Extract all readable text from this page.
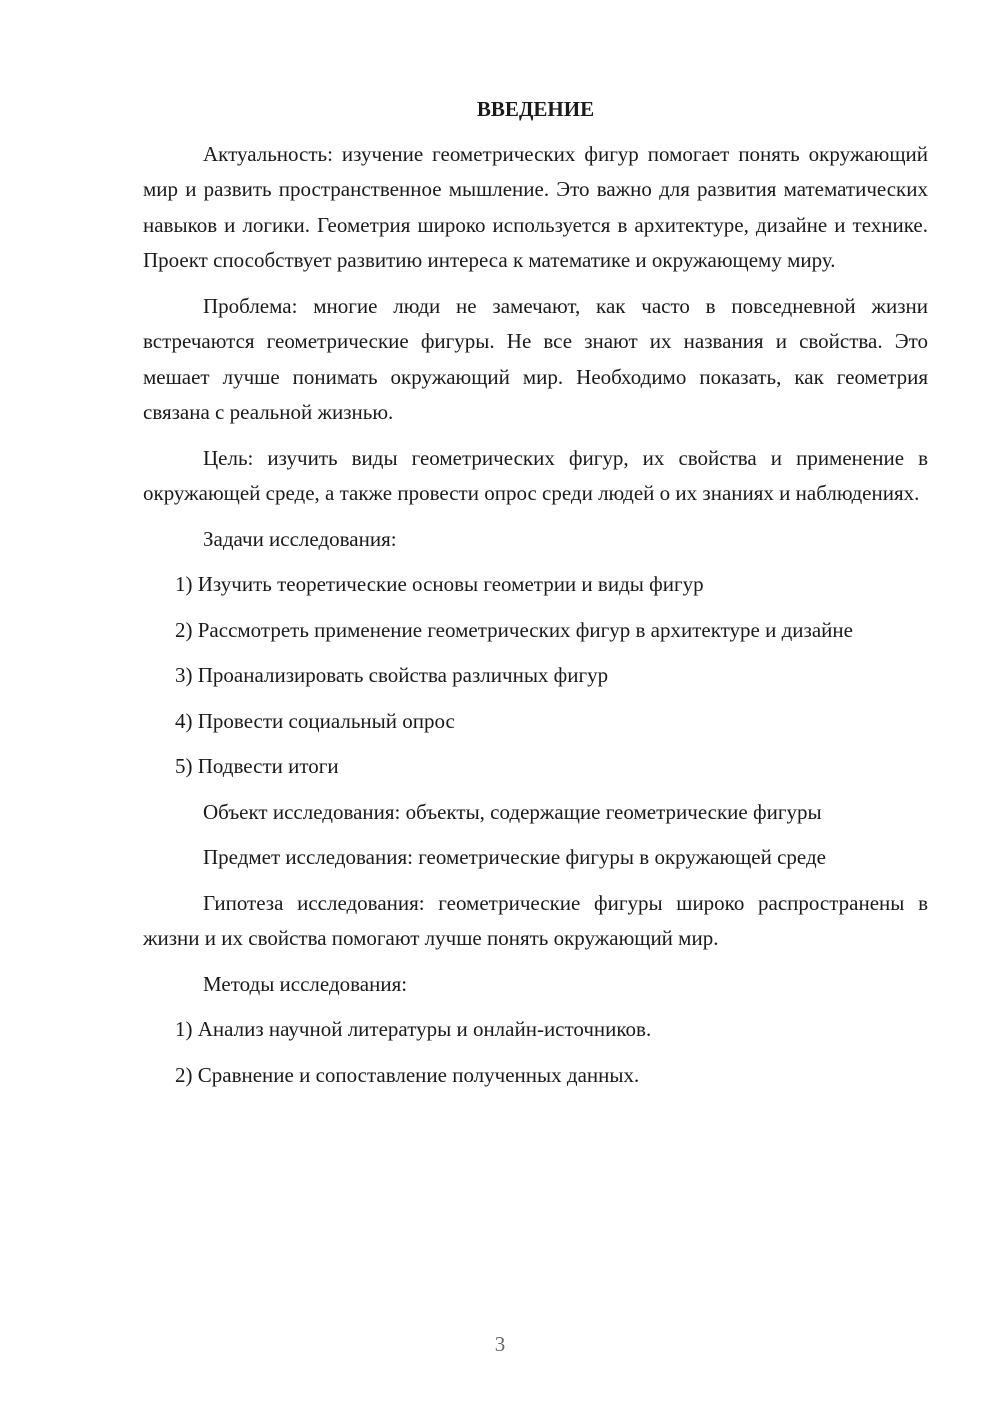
ВВЕДЕНИЕ

Актуальность: изучение геометрических фигур помогает понять окружающий мир и развить пространственное мышление. Это важно для развития математических навыков и логики. Геометрия широко используется в архитектуре, дизайне и технике. Проект способствует развитию интереса к математике и окружающему миру.

Проблема: многие люди не замечают, как часто в повседневной жизни встречаются геометрические фигуры. Не все знают их названия и свойства. Это мешает лучше понимать окружающий мир. Необходимо показать, как геометрия связана с реальной жизнью.

Цель: изучить виды геометрических фигур, их свойства и применение в окружающей среде, а также провести опрос среди людей о их знаниях и наблюдениях.

Задачи исследования:

1) Изучить теоретические основы геометрии и виды фигур

2) Рассмотреть применение геометрических фигур в архитектуре и дизайне

3) Проанализировать свойства различных фигур

4) Провести социальный опрос

5) Подвести итоги

Объект исследования: объекты, содержащие геометрические фигуры

Предмет исследования: геометрические фигуры в окружающей среде

Гипотеза исследования: геометрические фигуры широко распространены в жизни и их свойства помогают лучше понять окружающий мир.

Методы исследования:

1) Анализ научной литературы и онлайн-источников.

2) Сравнение и сопоставление полученных данных.

3
